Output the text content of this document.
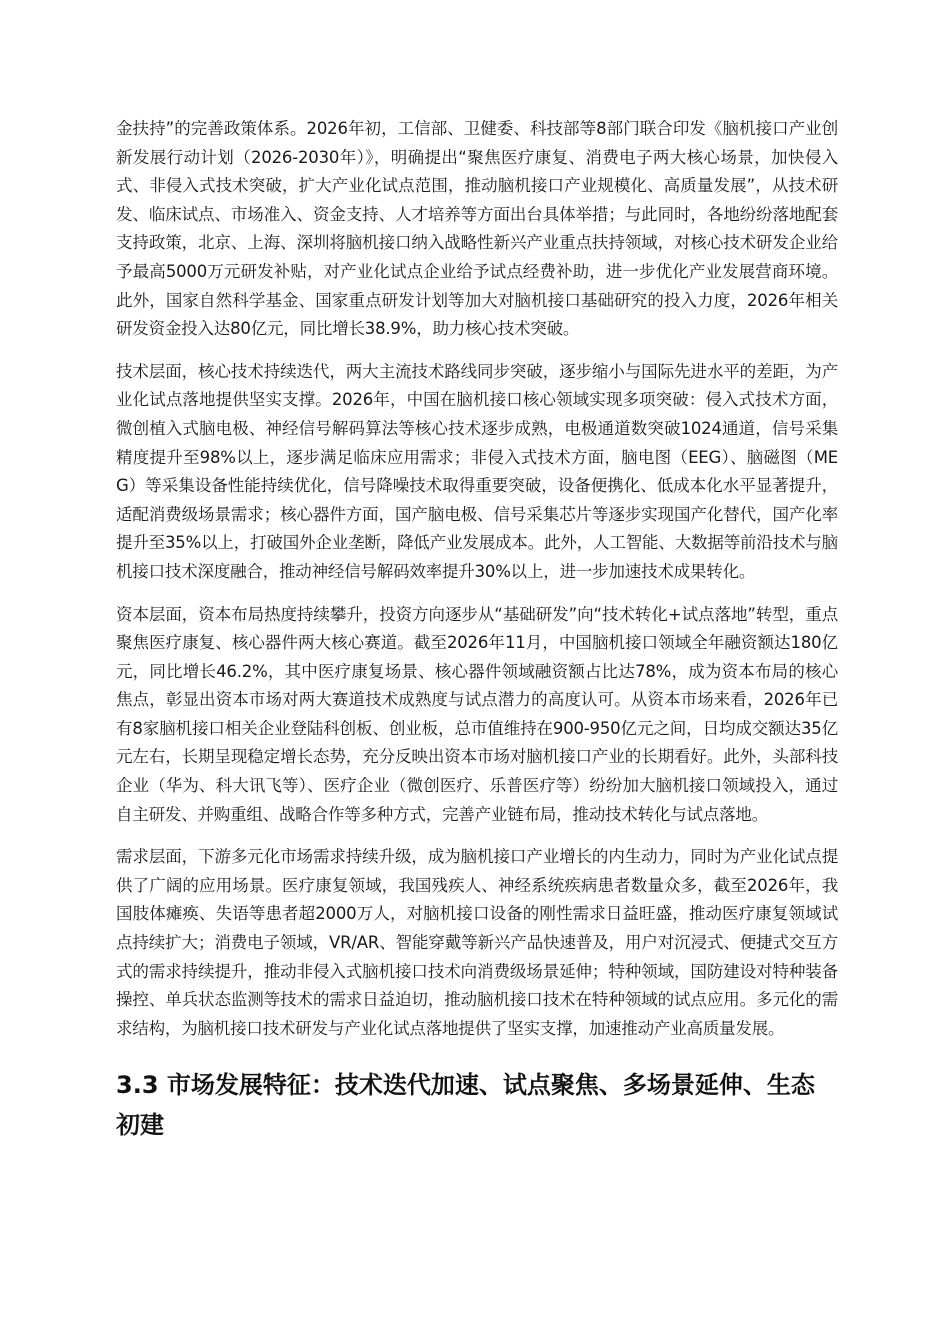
金扶持”的完善政策体系。2026年初，工信部、卫健委、科技部等8部门联合印发《脑机接口产业创新发展行动计划（2026-2030年）》，明确提出“聚焦医疗康复、消费电子两大核心场景，加快侵入式、非侵入式技术突破，扩大产业化试点范围，推动脑机接口产业规模化、高质量发展”，从技术研发、临床试点、市场准入、资金支持、人才培养等方面出台具体举措；与此同时，各地纷纷落地配套支持政策，北京、上海、深圳将脑机接口纳入战略性新兴产业重点扶持领域，对核心技术研发企业给予最高5000万元研发补贴，对产业化试点企业给予试点经费补助，进一步优化产业发展营商环境。此外，国家自然科学基金、国家重点研发计划等加大对脑机接口基础研究的投入力度，2026年相关研发资金投入达80亿元，同比增长38.9%，助力核心技术突破。

技术层面，核心技术持续迭代，两大主流技术路线同步突破，逐步缩小与国际先进水平的差距，为产业化试点落地提供坚实支撑。2026年，中国在脑机接口核心领域实现多项突破：侵入式技术方面，微创植入式脑电极、神经信号解码算法等核心技术逐步成熟，电极通道数突破1024通道，信号采集精度提升至98%以上，逐步满足临床应用需求；非侵入式技术方面，脑电图（EEG）、脑磁图（MEG）等采集设备性能持续优化，信号降噪技术取得重要突破，设备便携化、低成本化水平显著提升，适配消费级场景需求；核心器件方面，国产脑电极、信号采集芯片等逐步实现国产化替代，国产化率提升至35%以上，打破国外企业垄断，降低产业发展成本。此外，人工智能、大数据等前沿技术与脑机接口技术深度融合，推动神经信号解码效率提升30%以上，进一步加速技术成果转化。

资本层面，资本布局热度持续攀升，投资方向逐步从“基础研发”向“技术转化+试点落地”转型，重点聚焦医疗康复、核心器件两大核心赛道。截至2026年11月，中国脑机接口领域全年融资额达180亿元，同比增长46.2%，其中医疗康复场景、核心器件领域融资额占比达78%，成为资本布局的核心焦点，彰显出资本市场对两大赛道技术成熟度与试点潜力的高度认可。从资本市场来看，2026年已有8家脑机接口相关企业登陆科创板、创业板，总市值维持在900-950亿元之间，日均成交额达35亿元左右，长期呈现稳定增长态势，充分反映出资本市场对脑机接口产业的长期看好。此外，头部科技企业（华为、科大讯飞等）、医疗企业（微创医疗、乐普医疗等）纷纷加大脑机接口领域投入，通过自主研发、并购重组、战略合作等多种方式，完善产业链布局，推动技术转化与试点落地。

需求层面，下游多元化市场需求持续升级，成为脑机接口产业增长的内生动力，同时为产业化试点提供了广阔的应用场景。医疗康复领域，我国残疾人、神经系统疾病患者数量众多，截至2026年，我国肢体瘫痪、失语等患者超2000万人，对脑机接口设备的刚性需求日益旺盛，推动医疗康复领域试点持续扩大；消费电子领域，VR/AR、智能穿戴等新兴产品快速普及，用户对沉浸式、便捷式交互方式的需求持续提升，推动非侵入式脑机接口技术向消费级场景延伸；特种领域，国防建设对特种装备操控、单兵状态监测等技术的需求日益迫切，推动脑机接口技术在特种领域的试点应用。多元化的需求结构，为脑机接口技术研发与产业化试点落地提供了坚实支撑，加速推动产业高质量发展。

3.3 市场发展特征：技术迭代加速、试点聚焦、多场景延伸、生态初建
